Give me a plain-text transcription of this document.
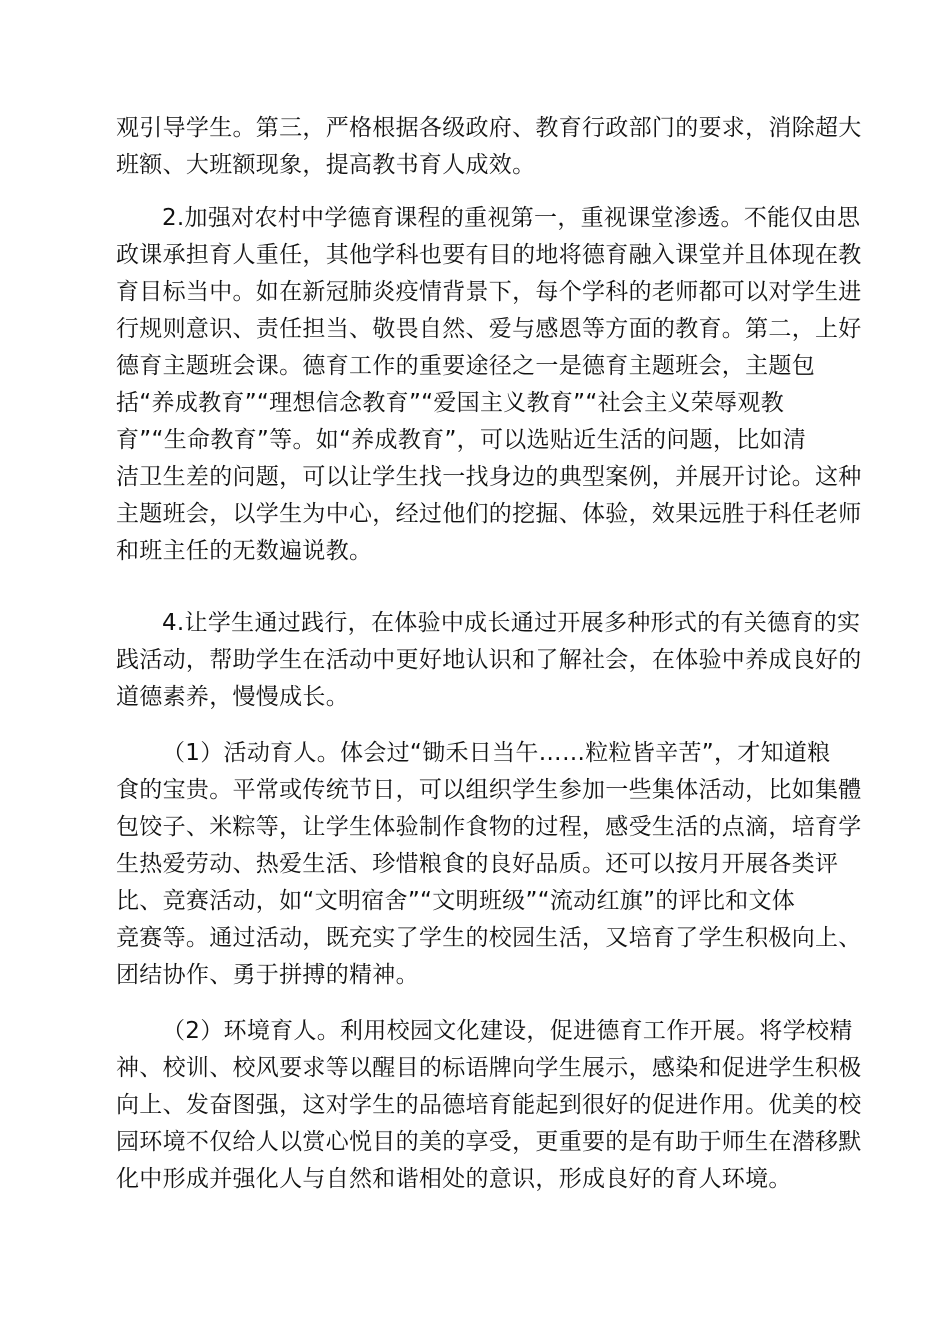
观引导学生。第三，严格根据各级政府、教育行政部门的要求，消除超大
班额、大班额现象，提高教书育人成效。
2.加强对农村中学德育课程的重视第一，重视课堂渗透。不能仅由思
政课承担育人重任，其他学科也要有目的地将德育融入课堂并且体现在教
育目标当中。如在新冠肺炎疫情背景下，每个学科的老师都可以对学生进
行规则意识、责任担当、敬畏自然、爱与感恩等方面的教育。第二，上好
德育主题班会课。德育工作的重要途径之一是德育主题班会，主题包
括“养成教育”“理想信念教育”“爱国主义教育”“社会主义荣辱观教
育”“生命教育”等。如“养成教育”，可以选贴近生活的问题，比如清
洁卫生差的问题，可以让学生找一找身边的典型案例，并展开讨论。这种
主题班会，以学生为中心，经过他们的挖掘、体验，效果远胜于科任老师
和班主任的无数遍说教。
4.让学生通过践行，在体验中成长通过开展多种形式的有关德育的实
践活动，帮助学生在活动中更好地认识和了解社会，在体验中养成良好的
道德素养，慢慢成长。
（1）活动育人。体会过“锄禾日当午……粒粒皆辛苦”，才知道粮
食的宝贵。平常或传统节日，可以组织学生参加一些集体活动，比如集體
包饺子、米粽等，让学生体验制作食物的过程，感受生活的点滴，培育学
生热爱劳动、热爱生活、珍惜粮食的良好品质。还可以按月开展各类评
比、竞赛活动，如“文明宿舍”“文明班级”“流动红旗”的评比和文体
竞赛等。通过活动，既充实了学生的校园生活，又培育了学生积极向上、
团结协作、勇于拼搏的精神。
（2）环境育人。利用校园文化建设，促进德育工作开展。将学校精
神、校训、校风要求等以醒目的标语牌向学生展示，感染和促进学生积极
向上、发奋图强，这对学生的品德培育能起到很好的促进作用。优美的校
园环境不仅给人以赏心悦目的美的享受，更重要的是有助于师生在潜移默
化中形成并强化人与自然和谐相处的意识，形成良好的育人环境。
